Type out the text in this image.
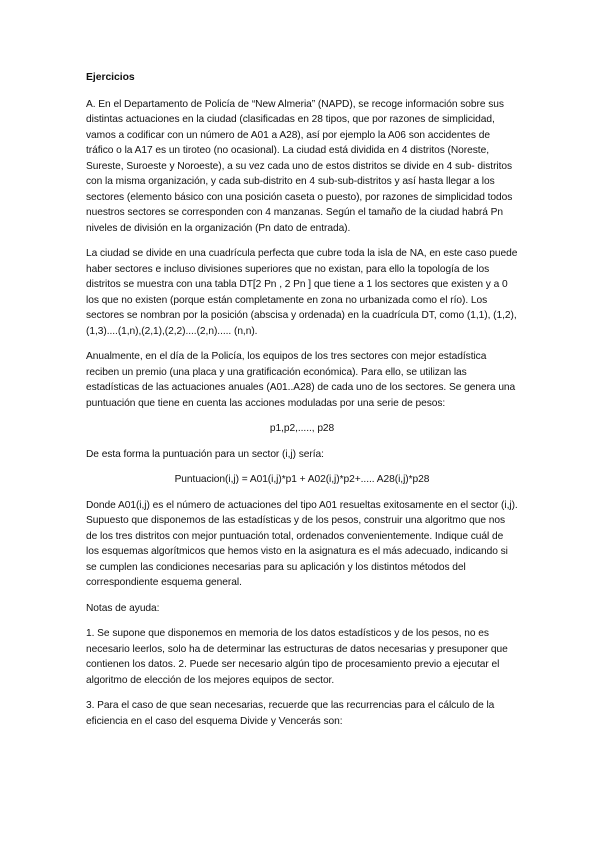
Ejercicios

A. En el Departamento de Policía de “New Almeria” (NAPD), se recoge información sobre sus distintas actuaciones en la ciudad (clasificadas en 28 tipos, que por razones de simplicidad, vamos a codificar con un número de A01 a A28), así por ejemplo la A06 son accidentes de tráfico o la A17 es un tiroteo (no ocasional). La ciudad está dividida en 4 distritos (Noreste, Sureste, Suroeste y Noroeste), a su vez cada uno de estos distritos se divide en 4 sub- distritos con la misma organización, y cada sub-distrito en 4 sub-sub-distritos y así hasta llegar a los sectores (elemento básico con una posición caseta o puesto), por razones de simplicidad todos nuestros sectores se corresponden con 4 manzanas. Según el tamaño de la ciudad habrá Pn niveles de división en la organización (Pn dato de entrada).

La ciudad se divide en una cuadrícula perfecta que cubre toda la isla de NA, en este caso puede haber sectores e incluso divisiones superiores que no existan, para ello la topología de los distritos se muestra con una tabla DT[2 Pn , 2 Pn ] que tiene a 1 los sectores que existen y a 0 los que no existen (porque están completamente en zona no urbanizada como el río). Los sectores se nombran por la posición (abscisa y ordenada) en la cuadrícula DT, como (1,1), (1,2),(1,3)....(1,n),(2,1),(2,2)....(2,n)..... (n,n).

Anualmente, en el día de la Policía, los equipos de los tres sectores con mejor estadística reciben un premio (una placa y una gratificación económica). Para ello, se utilizan las estadísticas de las actuaciones anuales (A01..A28) de cada uno de los sectores. Se genera una puntuación que tiene en cuenta las acciones moduladas por una serie de pesos:

p1,p2,....., p28

De esta forma la puntuación para un sector (i,j) sería:

Puntuacion(i,j) = A01(i,j)*p1 + A02(i,j)*p2+..... A28(i,j)*p28

Donde A01(i,j) es el número de actuaciones del tipo A01 resueltas exitosamente en el sector (i,j). Supuesto que disponemos de las estadísticas y de los pesos, construir una algoritmo que nos de los tres distritos con mejor puntuación total, ordenados convenientemente. Indique cuál de los esquemas algorítmicos que hemos visto en la asignatura es el más adecuado, indicando si se cumplen las condiciones necesarias para su aplicación y los distintos métodos del correspondiente esquema general.

Notas de ayuda:

1. Se supone que disponemos en memoria de los datos estadísticos y de los pesos, no es necesario leerlos, solo ha de determinar las estructuras de datos necesarias y presuponer que contienen los datos. 2. Puede ser necesario algún tipo de procesamiento previo a ejecutar el algoritmo de elección de los mejores equipos de sector.

3. Para el caso de que sean necesarias, recuerde que las recurrencias para el cálculo de la eficiencia en el caso del esquema Divide y Vencerás son:
